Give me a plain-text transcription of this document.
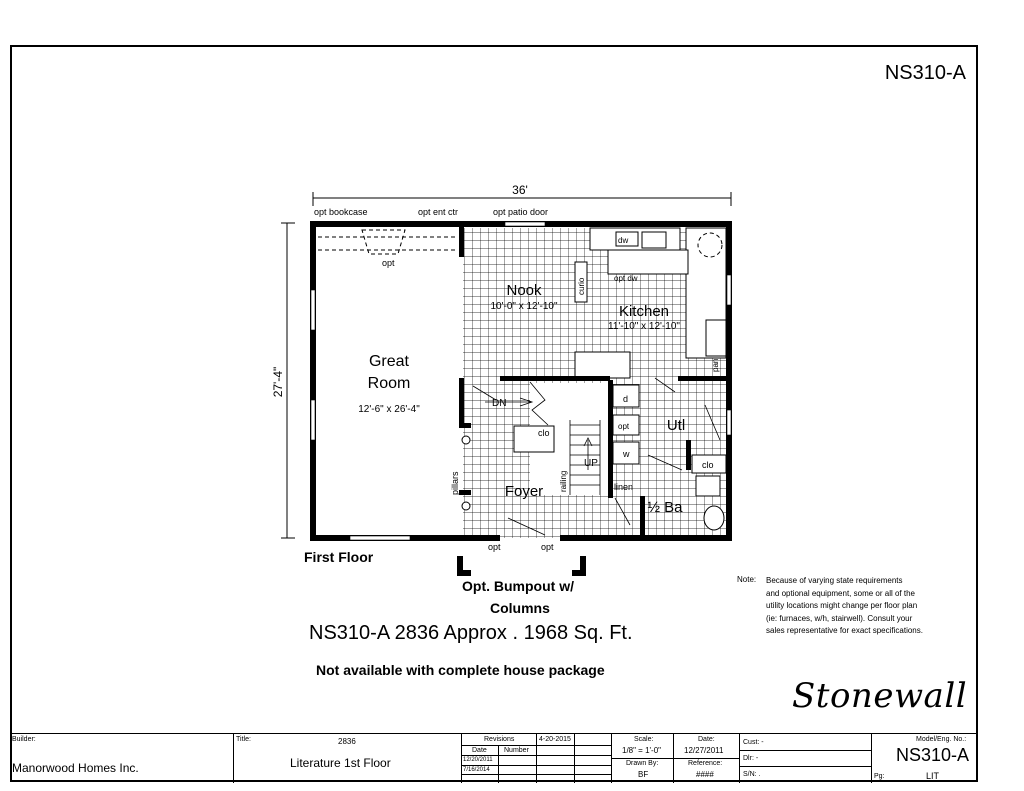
NS310-A
36'
27'-4"
opt bookcase	opt ent ctr	opt patio door
Great
Room
12'-6" x 26'-4"
Nook
10'-0" x 12'-10"	Kitchen
11'-10" x 12'-10"
Utl
Foyer
½ Ba
opt
dw
opt dw
curio
pan
DN
UP
clo
clo
d
opt
w
linen
railing
pillars
opt	opt
First Floor
Opt. Bumpout w/
Columns
NS310-A 2836 Approx . 1968 Sq. Ft.
Not available with complete house package
Note: Because of varying state requirements
and optional equipment, some or all of the
utility locations might change per floor plan
(ie: furnaces, w/h, stairwell). Consult your
sales representative for exact specifications.
Stonewall
Builder:
Manorwood Homes Inc.
Title:	2836
Literature 1st Floor
Revisions	4-20-2015
Date Number
12/20/2011
7/16/2014
Scale:
1/8" = 1'-0"
Drawn By:
BF
Date:
12/27/2011
Reference:
####
Cust: -
Dlr: -
S/N: .
Model/Eng. No.:
NS310-A
Pg:	LIT
